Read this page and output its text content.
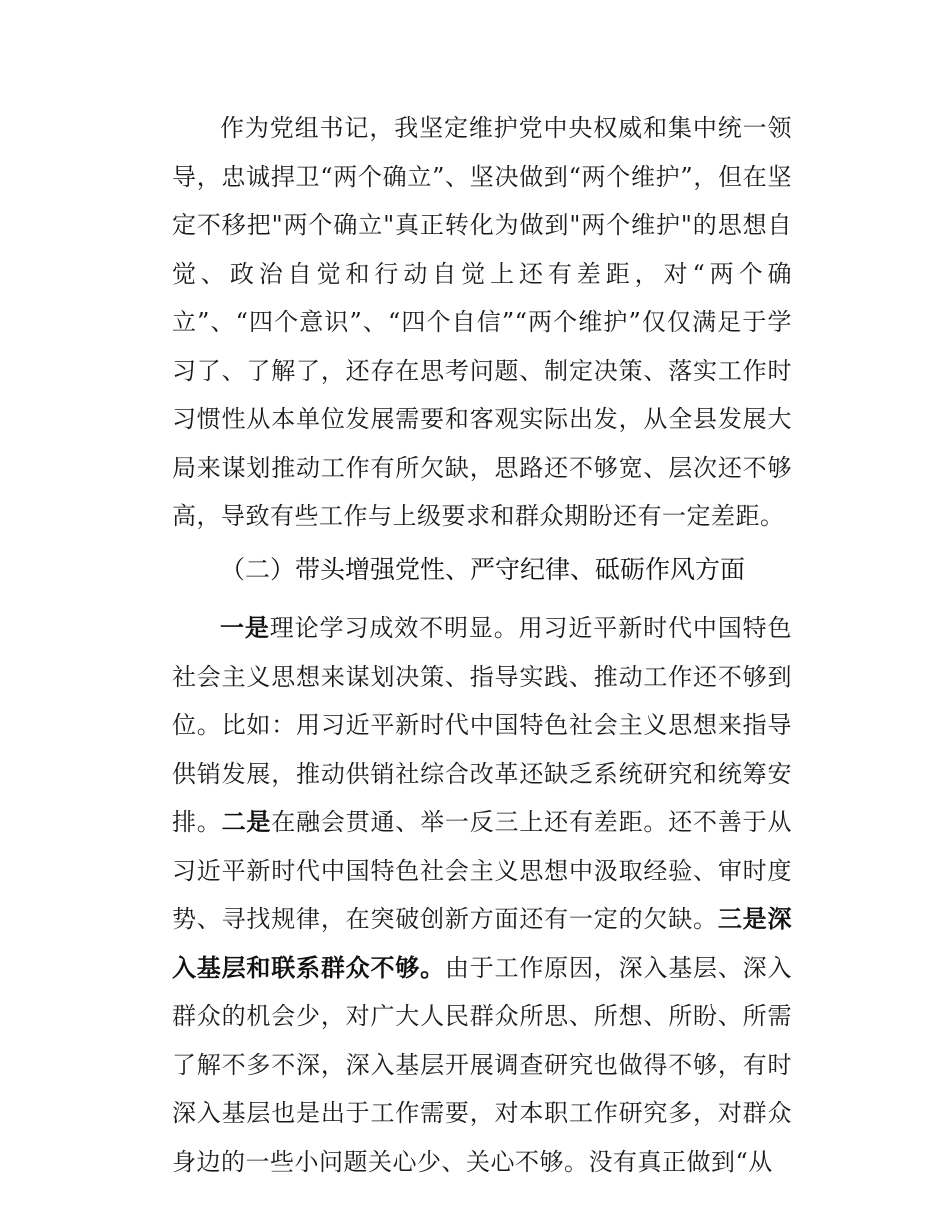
作为党组书记，我坚定维护党中央权威和集中统一领导，忠诚捍卫“两个确立”、坚决做到“两个维护”，但在坚定不移把"两个确立"真正转化为做到"两个维护"的思想自觉、政治自觉和行动自觉上还有差距，对“两个确立”、“四个意识”、“四个自信”“两个维护”仅仅满足于学习了、了解了，还存在思考问题、制定决策、落实工作时习惯性从本单位发展需要和客观实际出发，从全县发展大局来谋划推动工作有所欠缺，思路还不够宽、层次还不够高，导致有些工作与上级要求和群众期盼还有一定差距。

（二）带头增强党性、严守纪律、砥砺作风方面

一是理论学习成效不明显。用习近平新时代中国特色社会主义思想来谋划决策、指导实践、推动工作还不够到位。比如：用习近平新时代中国特色社会主义思想来指导供销发展，推动供销社综合改革还缺乏系统研究和统筹安排。二是在融会贯通、举一反三上还有差距。还不善于从习近平新时代中国特色社会主义思想中汲取经验、审时度势、寻找规律，在突破创新方面还有一定的欠缺。三是深入基层和联系群众不够。由于工作原因，深入基层、深入群众的机会少，对广大人民群众所思、所想、所盼、所需了解不多不深，深入基层开展调查研究也做得不够，有时深入基层也是出于工作需要，对本职工作研究多，对群众身边的一些小问题关心少、关心不够。没有真正做到“从
